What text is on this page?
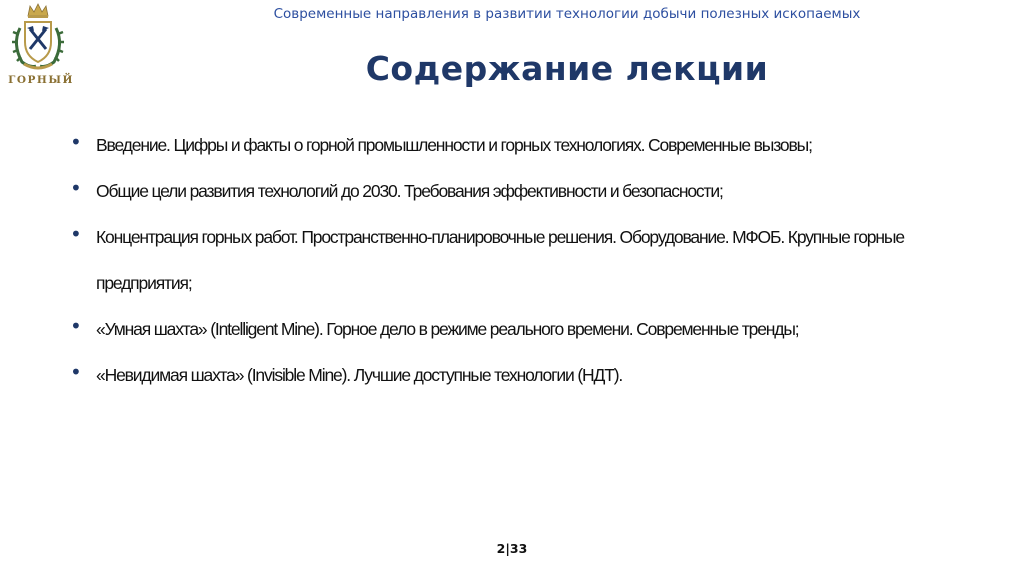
ГОРНЫЙ
Современные направления в развитии технологии добычи полезных ископаемых
Содержание лекции
• Введение. Цифры и факты о горной промышленности и горных технологиях. Современные вызовы;
• Общие цели развития технологий до 2030. Требования эффективности и безопасности;
• Концентрация горных работ. Пространственно-планировочные решения. Оборудование. МФОБ. Крупные горные предприятия;
• «Умная шахта» (Intelligent Mine). Горное дело в режиме реального времени. Современные тренды;
• «Невидимая шахта» (Invisible Mine). Лучшие доступные технологии (НДТ).
2|33
